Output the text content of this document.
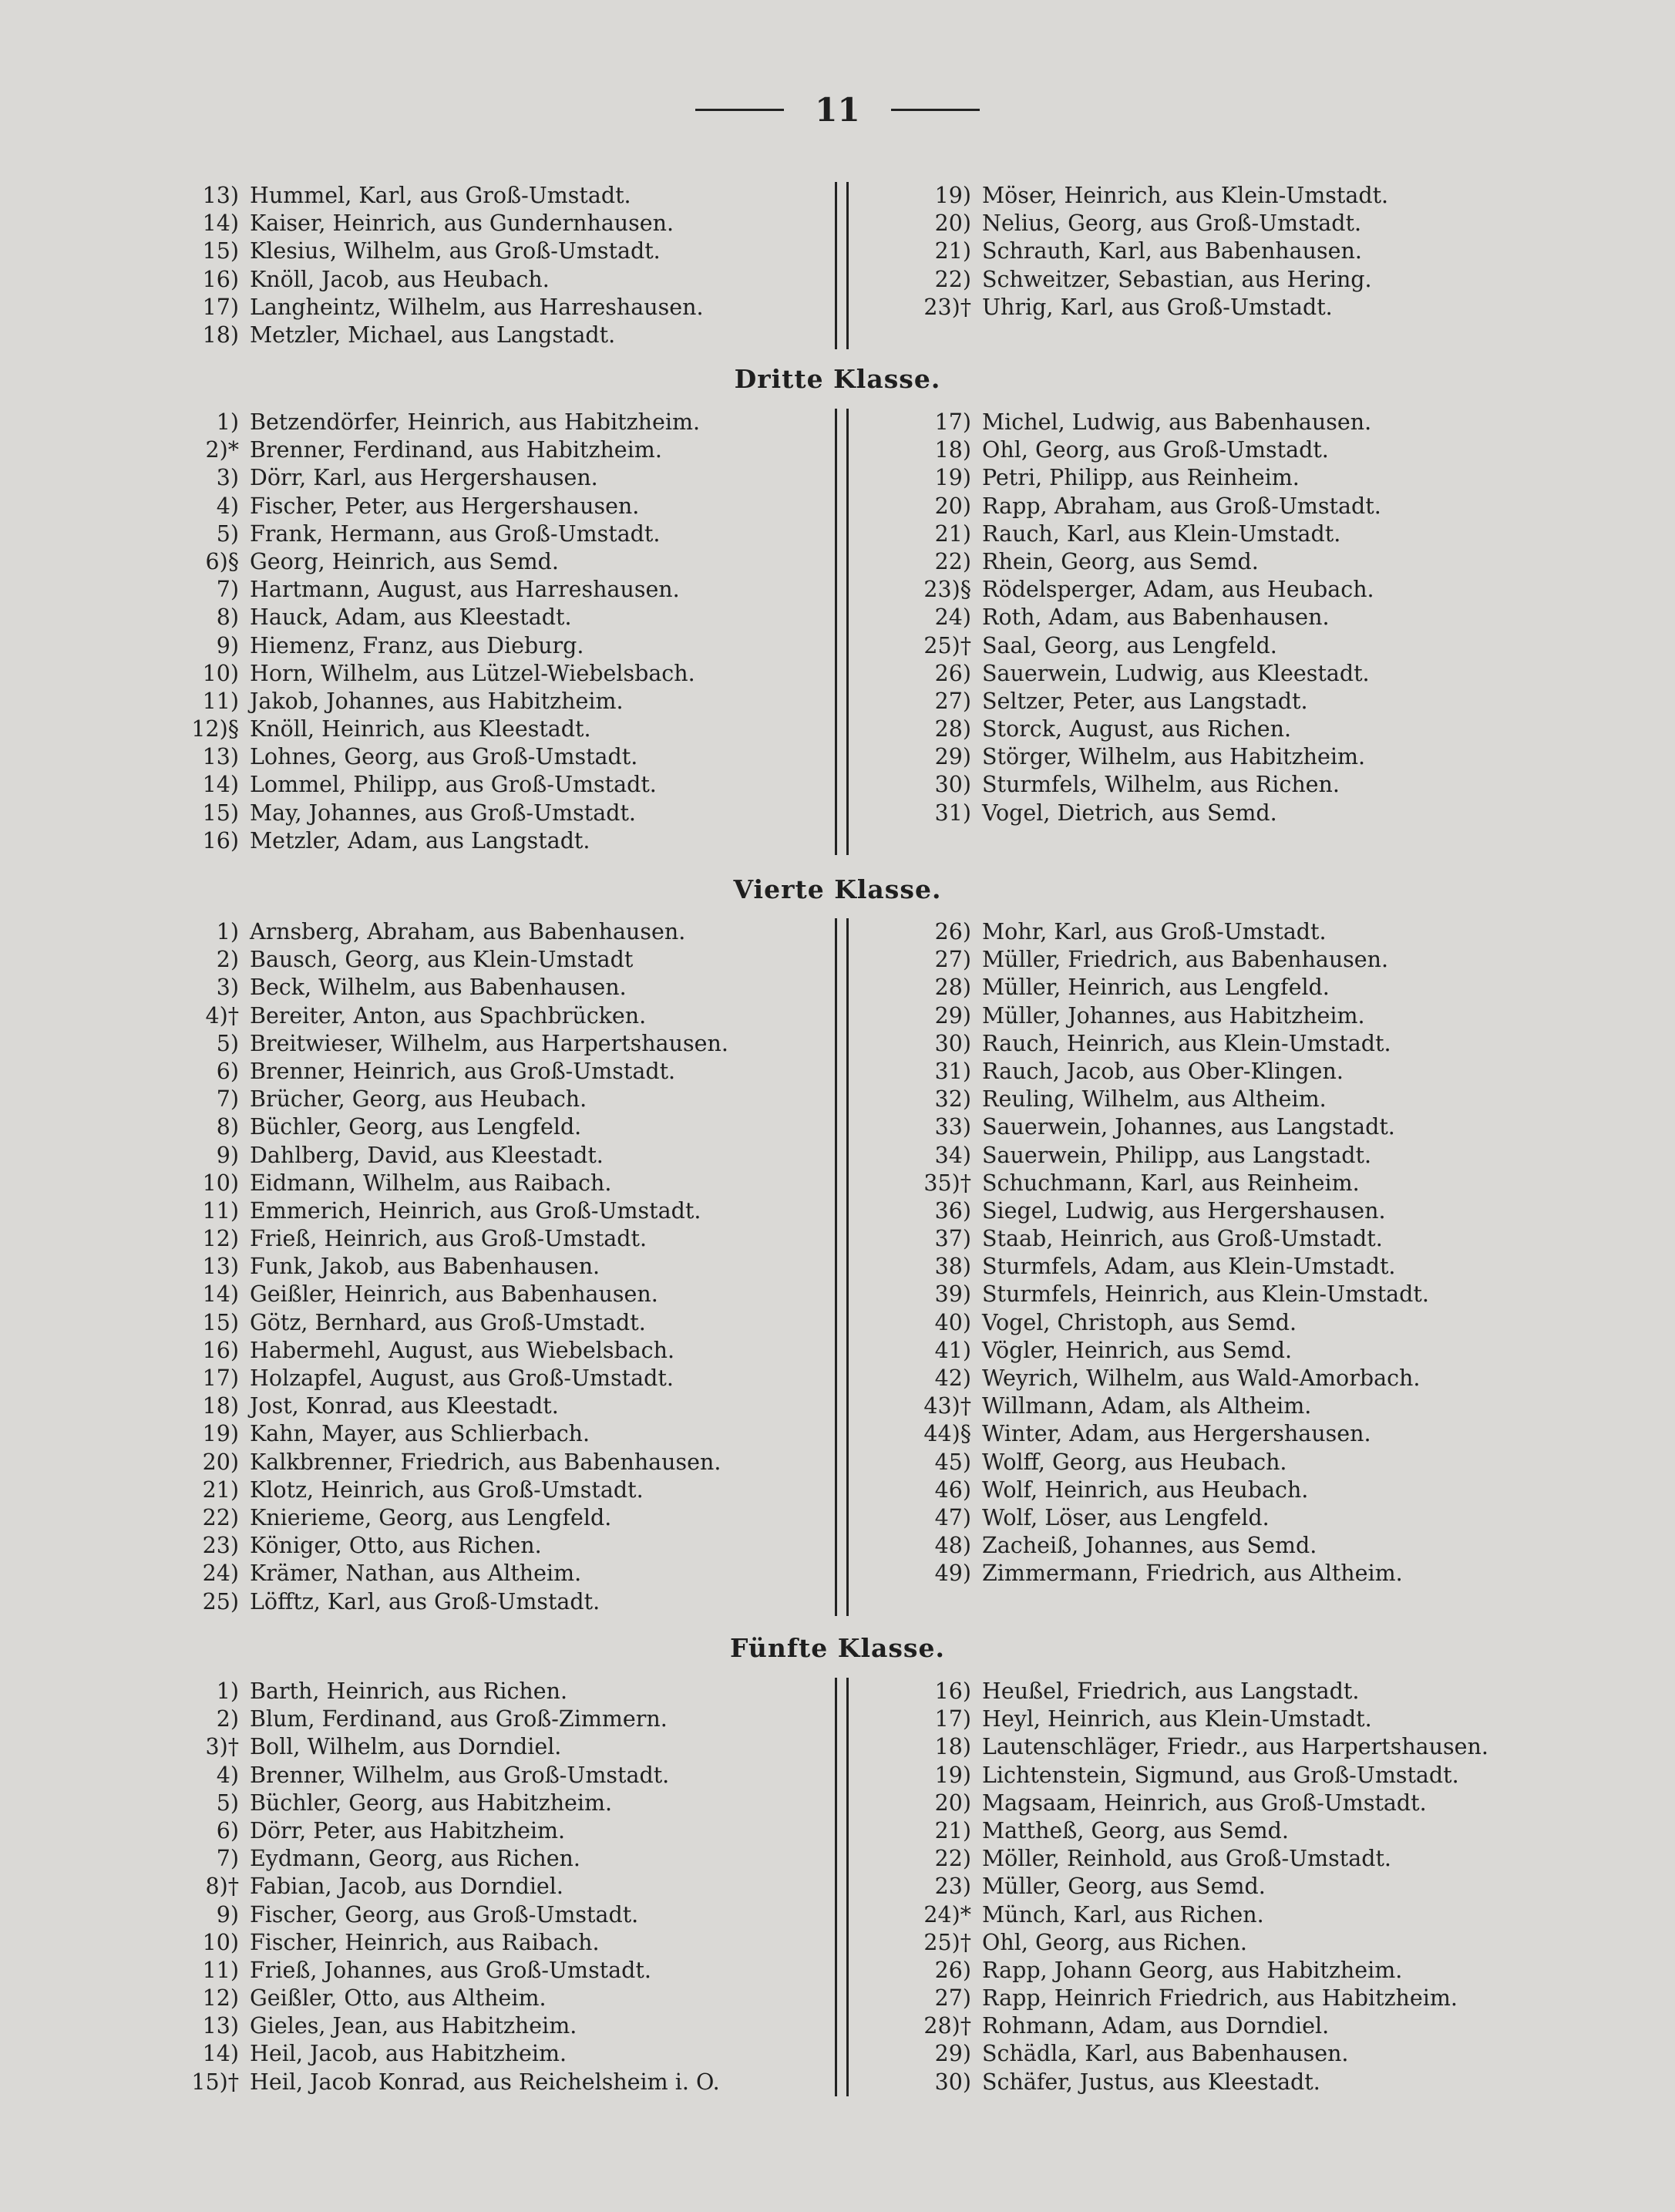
11
13) Hummel, Karl, aus Groß-Umstadt.
14) Kaiser, Heinrich, aus Gundernhausen.
15) Klesius, Wilhelm, aus Groß-Umstadt.
16) Knöll, Jacob, aus Heubach.
17) Langheintz, Wilhelm, aus Harreshausen.
18) Metzler, Michael, aus Langstadt.
19) Möser, Heinrich, aus Klein-Umstadt.
20) Nelius, Georg, aus Groß-Umstadt.
21) Schrauth, Karl, aus Babenhausen.
22) Schweitzer, Sebastian, aus Hering.
23)† Uhrig, Karl, aus Groß-Umstadt.
Dritte Klasse.
1) Betzendörfer, Heinrich, aus Habitzheim.
2)* Brenner, Ferdinand, aus Habitzheim.
3) Dörr, Karl, aus Hergershausen.
4) Fischer, Peter, aus Hergershausen.
5) Frank, Hermann, aus Groß-Umstadt.
6)§ Georg, Heinrich, aus Semd.
7) Hartmann, August, aus Harreshausen.
8) Hauck, Adam, aus Kleestadt.
9) Hiemenz, Franz, aus Dieburg.
10) Horn, Wilhelm, aus Lützel-Wiebelsbach.
11) Jakob, Johannes, aus Habitzheim.
12)§ Knöll, Heinrich, aus Kleestadt.
13) Lohnes, Georg, aus Groß-Umstadt.
14) Lommel, Philipp, aus Groß-Umstadt.
15) May, Johannes, aus Groß-Umstadt.
16) Metzler, Adam, aus Langstadt.
17) Michel, Ludwig, aus Babenhausen.
18) Ohl, Georg, aus Groß-Umstadt.
19) Petri, Philipp, aus Reinheim.
20) Rapp, Abraham, aus Groß-Umstadt.
21) Rauch, Karl, aus Klein-Umstadt.
22) Rhein, Georg, aus Semd.
23)§ Rödelsperger, Adam, aus Heubach.
24) Roth, Adam, aus Babenhausen.
25)† Saal, Georg, aus Lengfeld.
26) Sauerwein, Ludwig, aus Kleestadt.
27) Seltzer, Peter, aus Langstadt.
28) Storck, August, aus Richen.
29) Störger, Wilhelm, aus Habitzheim.
30) Sturmfels, Wilhelm, aus Richen.
31) Vogel, Dietrich, aus Semd.
Vierte Klasse.
1) Arnsberg, Abraham, aus Babenhausen.
2) Bausch, Georg, aus Klein-Umstadt
3) Beck, Wilhelm, aus Babenhausen.
4)† Bereiter, Anton, aus Spachbrücken.
5) Breitwieser, Wilhelm, aus Harpertshausen.
6) Brenner, Heinrich, aus Groß-Umstadt.
7) Brücher, Georg, aus Heubach.
8) Büchler, Georg, aus Lengfeld.
9) Dahlberg, David, aus Kleestadt.
10) Eidmann, Wilhelm, aus Raibach.
11) Emmerich, Heinrich, aus Groß-Umstadt.
12) Frieß, Heinrich, aus Groß-Umstadt.
13) Funk, Jakob, aus Babenhausen.
14) Geißler, Heinrich, aus Babenhausen.
15) Götz, Bernhard, aus Groß-Umstadt.
16) Habermehl, August, aus Wiebelsbach.
17) Holzapfel, August, aus Groß-Umstadt.
18) Jost, Konrad, aus Kleestadt.
19) Kahn, Mayer, aus Schlierbach.
20) Kalkbrenner, Friedrich, aus Babenhausen.
21) Klotz, Heinrich, aus Groß-Umstadt.
22) Knierieme, Georg, aus Lengfeld.
23) Königer, Otto, aus Richen.
24) Krämer, Nathan, aus Altheim.
25) Löfftz, Karl, aus Groß-Umstadt.
26) Mohr, Karl, aus Groß-Umstadt.
27) Müller, Friedrich, aus Babenhausen.
28) Müller, Heinrich, aus Lengfeld.
29) Müller, Johannes, aus Habitzheim.
30) Rauch, Heinrich, aus Klein-Umstadt.
31) Rauch, Jacob, aus Ober-Klingen.
32) Reuling, Wilhelm, aus Altheim.
33) Sauerwein, Johannes, aus Langstadt.
34) Sauerwein, Philipp, aus Langstadt.
35)† Schuchmann, Karl, aus Reinheim.
36) Siegel, Ludwig, aus Hergershausen.
37) Staab, Heinrich, aus Groß-Umstadt.
38) Sturmfels, Adam, aus Klein-Umstadt.
39) Sturmfels, Heinrich, aus Klein-Umstadt.
40) Vogel, Christoph, aus Semd.
41) Vögler, Heinrich, aus Semd.
42) Weyrich, Wilhelm, aus Wald-Amorbach.
43)† Willmann, Adam, als Altheim.
44)§ Winter, Adam, aus Hergershausen.
45) Wolff, Georg, aus Heubach.
46) Wolf, Heinrich, aus Heubach.
47) Wolf, Löser, aus Lengfeld.
48) Zacheiß, Johannes, aus Semd.
49) Zimmermann, Friedrich, aus Altheim.
Fünfte Klasse.
1) Barth, Heinrich, aus Richen.
2) Blum, Ferdinand, aus Groß-Zimmern.
3)† Boll, Wilhelm, aus Dorndiel.
4) Brenner, Wilhelm, aus Groß-Umstadt.
5) Büchler, Georg, aus Habitzheim.
6) Dörr, Peter, aus Habitzheim.
7) Eydmann, Georg, aus Richen.
8)† Fabian, Jacob, aus Dorndiel.
9) Fischer, Georg, aus Groß-Umstadt.
10) Fischer, Heinrich, aus Raibach.
11) Frieß, Johannes, aus Groß-Umstadt.
12) Geißler, Otto, aus Altheim.
13) Gieles, Jean, aus Habitzheim.
14) Heil, Jacob, aus Habitzheim.
15)† Heil, Jacob Konrad, aus Reichelsheim i. O.
16) Heußel, Friedrich, aus Langstadt.
17) Heyl, Heinrich, aus Klein-Umstadt.
18) Lautenschläger, Friedr., aus Harpertshausen.
19) Lichtenstein, Sigmund, aus Groß-Umstadt.
20) Magsaam, Heinrich, aus Groß-Umstadt.
21) Mattheß, Georg, aus Semd.
22) Möller, Reinhold, aus Groß-Umstadt.
23) Müller, Georg, aus Semd.
24)* Münch, Karl, aus Richen.
25)† Ohl, Georg, aus Richen.
26) Rapp, Johann Georg, aus Habitzheim.
27) Rapp, Heinrich Friedrich, aus Habitzheim.
28)† Rohmann, Adam, aus Dorndiel.
29) Schädla, Karl, aus Babenhausen.
30) Schäfer, Justus, aus Kleestadt.
